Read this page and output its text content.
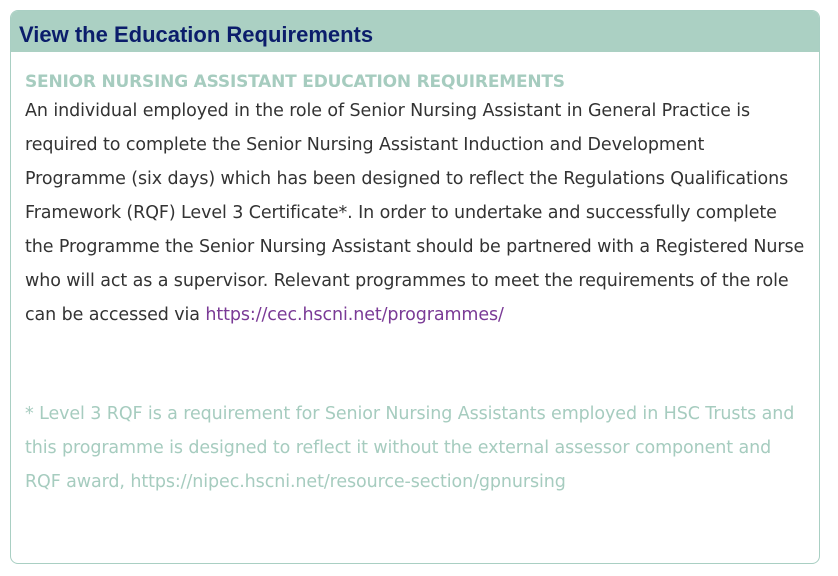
View the Education Requirements
SENIOR NURSING ASSISTANT EDUCATION REQUIREMENTS

An individual employed in the role of Senior Nursing Assistant in General Practice is required to complete the Senior Nursing Assistant Induction and Development Programme (six days) which has been designed to reflect the Regulations Qualifications Framework (RQF) Level 3 Certificate*. In order to undertake and successfully complete the Programme the Senior Nursing Assistant should be partnered with a Registered Nurse who will act as a supervisor. Relevant programmes to meet the requirements of the role can be accessed via https://cec.hscni.net/programmes/

* Level 3 RQF is a requirement for Senior Nursing Assistants employed in HSC Trusts and this programme is designed to reflect it without the external assessor component and RQF award, https://nipec.hscni.net/resource-section/gpnursing
